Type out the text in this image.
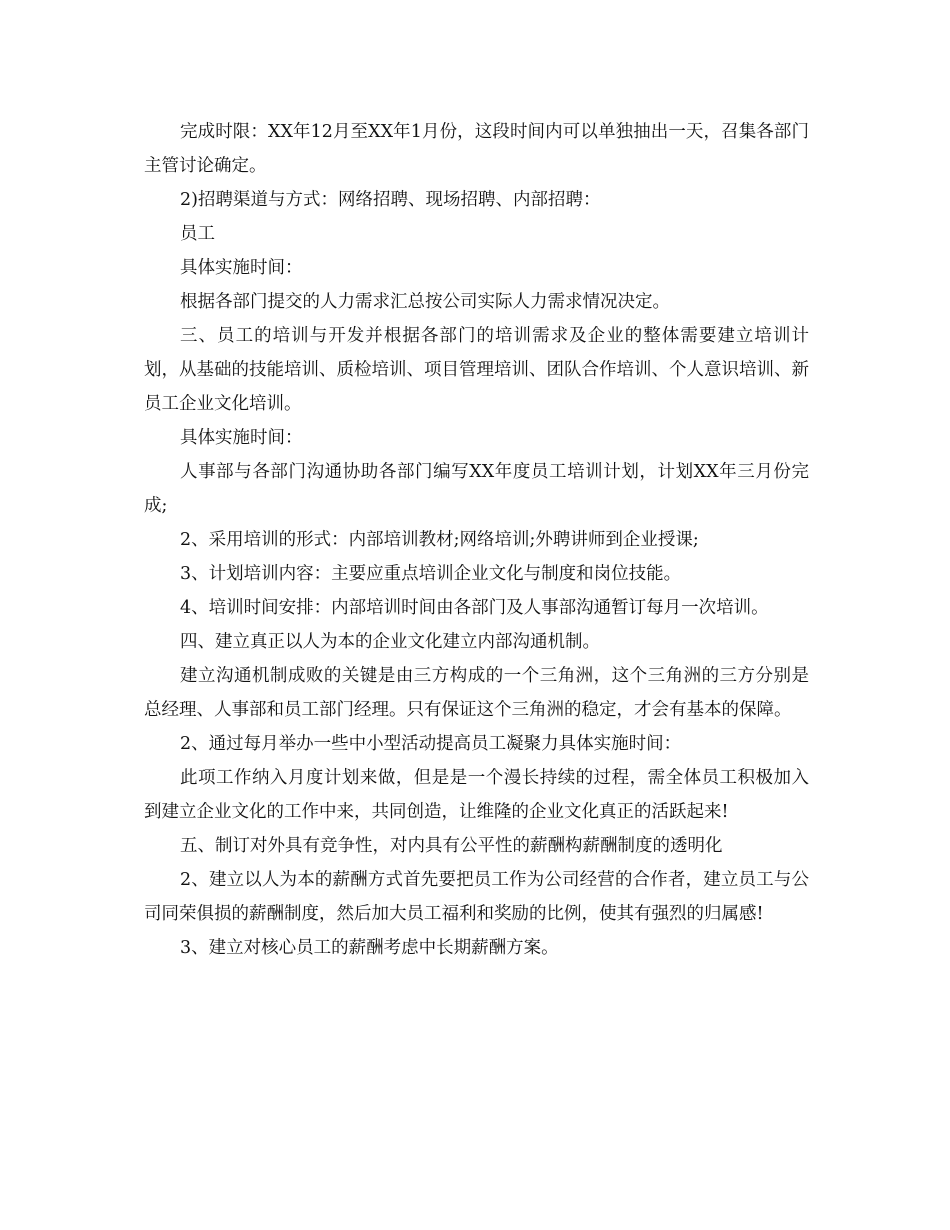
完成时限：XX年12月至XX年1月份，这段时间内可以单独抽出一天，召集各部门主管讨论确定。

2)招聘渠道与方式：网络招聘、现场招聘、内部招聘：

员工

具体实施时间：

根据各部门提交的人力需求汇总按公司实际人力需求情况决定。

三、员工的培训与开发并根据各部门的培训需求及企业的整体需要建立培训计划，从基础的技能培训、质检培训、项目管理培训、团队合作培训、个人意识培训、新员工企业文化培训。

具体实施时间：

人事部与各部门沟通协助各部门编写XX年度员工培训计划，计划XX年三月份完成;

2、采用培训的形式：内部培训教材;网络培训;外聘讲师到企业授课;

3、计划培训内容：主要应重点培训企业文化与制度和岗位技能。

4、培训时间安排：内部培训时间由各部门及人事部沟通暂订每月一次培训。

四、建立真正以人为本的企业文化建立内部沟通机制。

建立沟通机制成败的关键是由三方构成的一个三角洲，这个三角洲的三方分别是总经理、人事部和员工部门经理。只有保证这个三角洲的稳定，才会有基本的保障。

2、通过每月举办一些中小型活动提高员工凝聚力具体实施时间：

此项工作纳入月度计划来做，但是是一个漫长持续的过程，需全体员工积极加入到建立企业文化的工作中来，共同创造，让维隆的企业文化真正的活跃起来!

五、制订对外具有竞争性，对内具有公平性的薪酬构薪酬制度的透明化

2、建立以人为本的薪酬方式首先要把员工作为公司经营的合作者，建立员工与公司同荣俱损的薪酬制度，然后加大员工福利和奖励的比例，使其有强烈的归属感!

3、建立对核心员工的薪酬考虑中长期薪酬方案。
